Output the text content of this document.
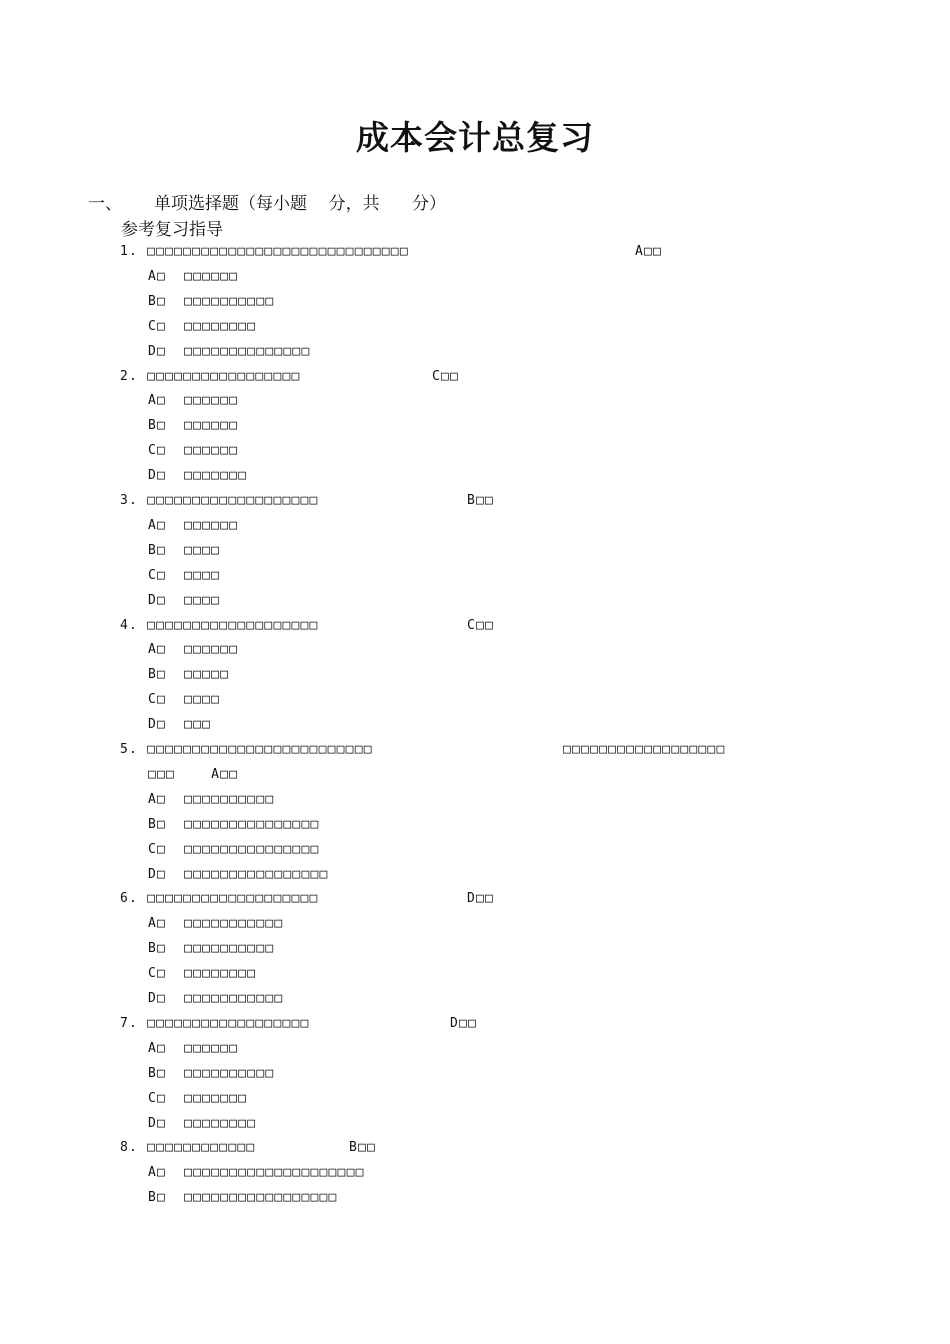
成本会计总复习
一、 单项选择题（每小题    分，共      分）
参考复习指导
1. □□□□□□□□□□□□□□□□□□□□□□□□□□□□□	A□□
A□  □□□□□□
B□  □□□□□□□□□□
C□  □□□□□□□□
D□  □□□□□□□□□□□□□□
2. □□□□□□□□□□□□□□□□□	C□□
A□  □□□□□□
B□  □□□□□□
C□  □□□□□□
D□  □□□□□□□
3. □□□□□□□□□□□□□□□□□□□	B□□
A□  □□□□□□
B□  □□□□
C□  □□□□
D□  □□□□
4. □□□□□□□□□□□□□□□□□□□	C□□
A□  □□□□□□
B□  □□□□□
C□  □□□□
D□  □□□
5. □□□□□□□□□□□□□□□□□□□□□□□□□	□□□□□□□□□□□□□□□□□□
□□□    A□□
A□  □□□□□□□□□□
B□  □□□□□□□□□□□□□□□
C□  □□□□□□□□□□□□□□□
D□  □□□□□□□□□□□□□□□□
6. □□□□□□□□□□□□□□□□□□□	D□□
A□  □□□□□□□□□□□
B□  □□□□□□□□□□
C□  □□□□□□□□
D□  □□□□□□□□□□□
7. □□□□□□□□□□□□□□□□□□	D□□
A□  □□□□□□
B□  □□□□□□□□□□
C□  □□□□□□□
D□  □□□□□□□□
8. □□□□□□□□□□□□	B□□
A□  □□□□□□□□□□□□□□□□□□□□
B□  □□□□□□□□□□□□□□□□□
